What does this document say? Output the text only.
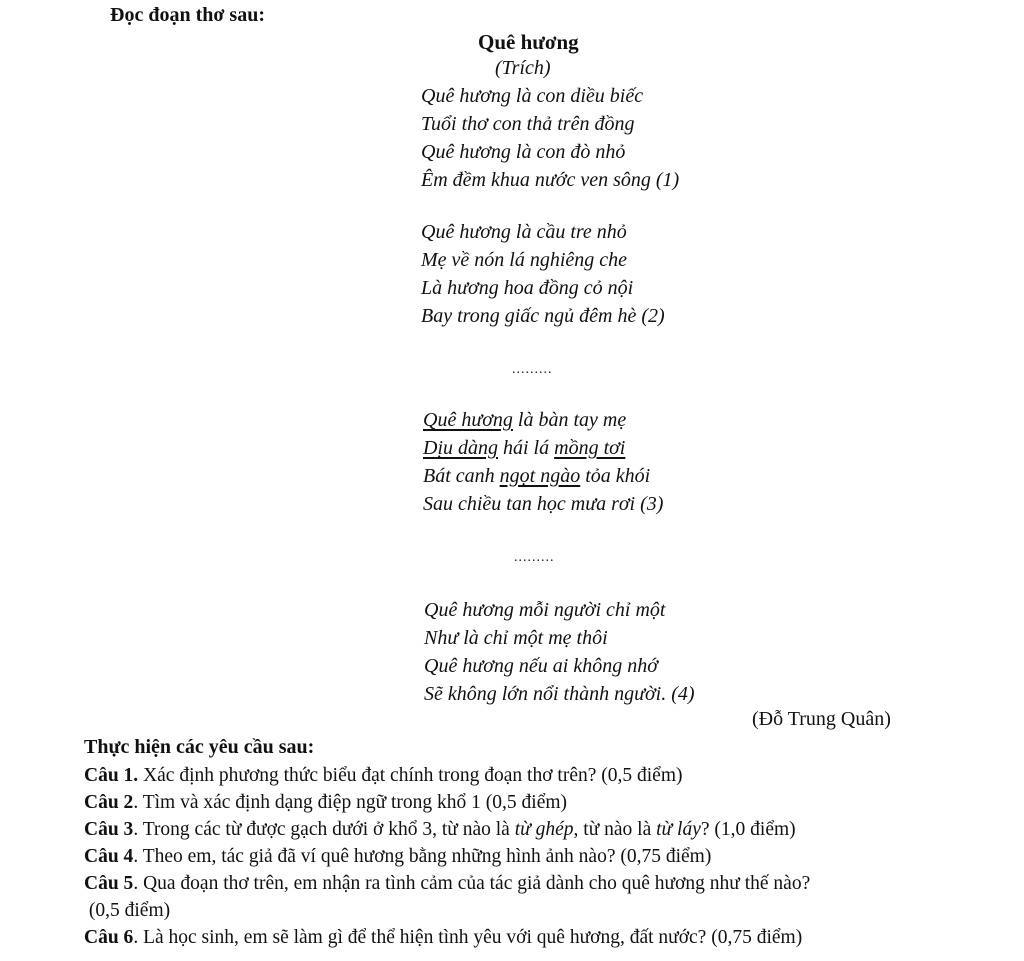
Đọc đoạn thơ sau:
Quê hương
(Trích)
Quê hương là con diều biếc
Tuổi thơ con thả trên đồng
Quê hương là con đò nhỏ
Êm đềm khua nước ven sông (1)
Quê hương là cầu tre nhỏ
Mẹ về nón lá nghiêng che
Là hương hoa đồng cỏ nội
Bay trong giấc ngủ đêm hè (2)
.........
Quê hương là bàn tay mẹ
Dịu dàng hái lá mồng tơi
Bát canh ngọt ngào tỏa khói
Sau chiều tan học mưa rơi (3)
.........
Quê hương mỗi người chỉ một
Như là chỉ một mẹ thôi
Quê hương nếu ai không nhớ
Sẽ không lớn nổi thành người. (4)
(Đỗ Trung Quân)
Thực hiện các yêu cầu sau:
Câu 1. Xác định phương thức biểu đạt chính trong đoạn thơ trên? (0,5 điểm)
Câu 2. Tìm và xác định dạng điệp ngữ trong khổ 1 (0,5 điểm)
Câu 3. Trong các từ được gạch dưới ở khổ 3, từ nào là từ ghép, từ nào là từ láy? (1,0 điểm)
Câu 4. Theo em, tác giả đã ví quê hương bằng những hình ảnh nào? (0,75 điểm)
Câu 5. Qua đoạn thơ trên, em nhận ra tình cảm của tác giả dành cho quê hương như thế nào?
(0,5 điểm)
Câu 6. Là học sinh, em sẽ làm gì để thể hiện tình yêu với quê hương, đất nước? (0,75 điểm)
